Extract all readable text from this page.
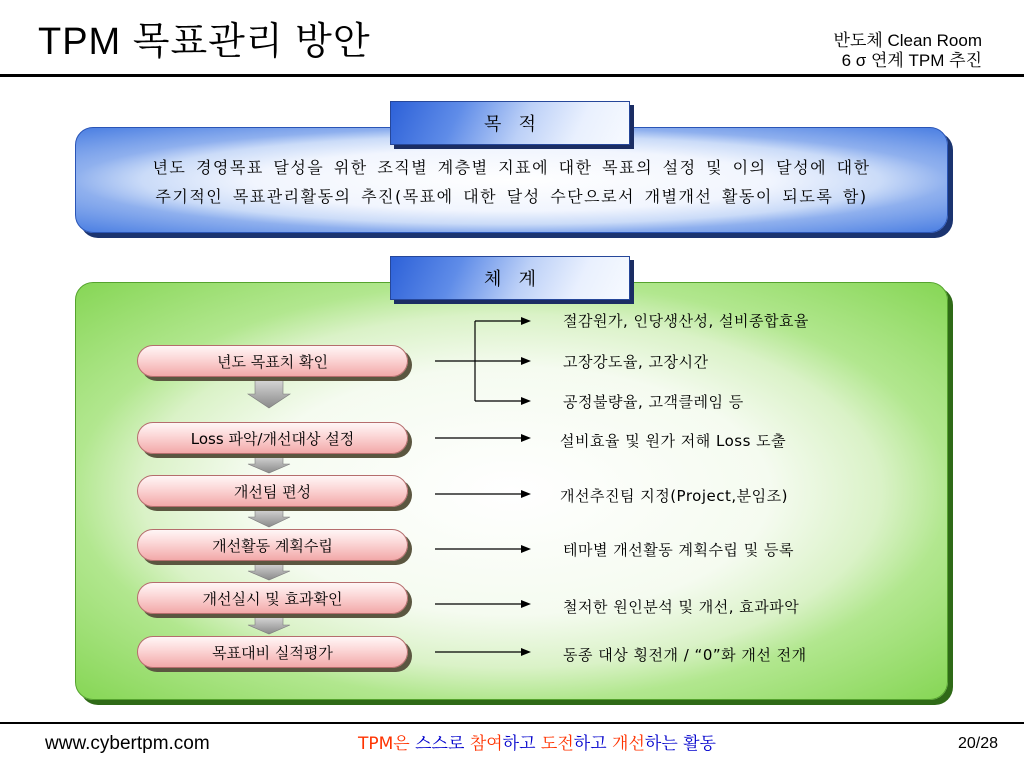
TPM 목표관리 방안	반도체 Clean Room
6 σ 연계 TPM 추진
년도 경영목표 달성을 위한 조직별 계층별 지표에 대한 목표의 설정 및 이의 달성에 대한
주기적인 목표관리활동의 추진(목표에 대한 달성 수단으로서 개별개선 활동이 되도록 함)
목   적
체   계
년도 목표치 확인
Loss 파악/개선대상 설정
개선팀 편성
개선활동 계획수립
개선실시 및 효과확인
목표대비 실적평가
절감원가, 인당생산성, 설비종합효율
고장강도율, 고장시간
공정불량율, 고객클레임 등
설비효율 및 원가 저해 Loss 도출
개선추진팀 지정(Project,분임조)
테마별 개선활동 계획수립 및 등록
철저한 원인분석 및 개선, 효과파악
동종 대상 횡전개 / “0”화 개선 전개
www.cybertpm.com	TPM은 스스로 참여하고 도전하고 개선하는 활동	20/28
